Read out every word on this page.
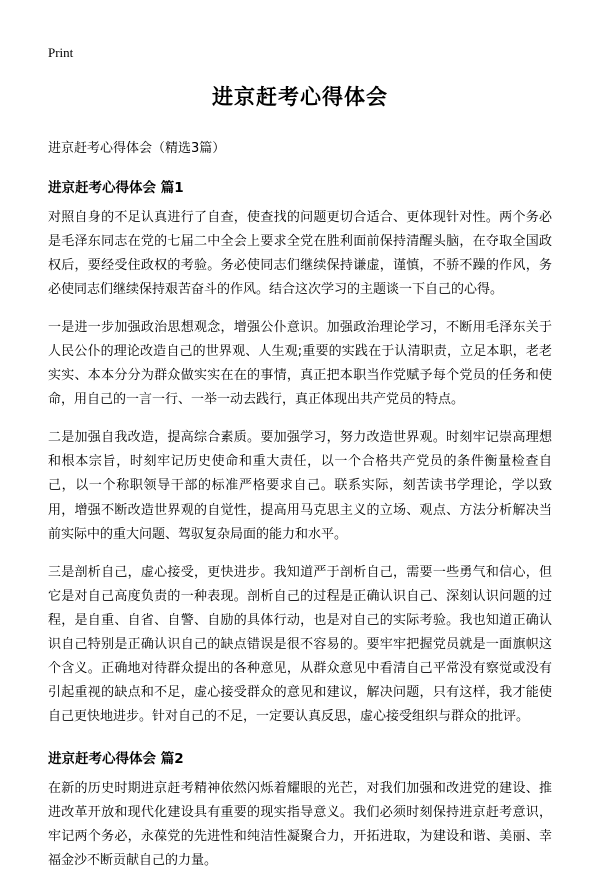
Print
进京赶考心得体会
进京赶考心得体会（精选3篇）
进京赶考心得体会 篇1

对照自身的不足认真进行了自查，使查找的问题更切合适合、更体现针对性。两个务必是毛泽东同志在党的七届二中全会上要求全党在胜利面前保持清醒头脑，在夺取全国政权后，要经受住政权的考验。务必使同志们继续保持谦虚，谨慎，不骄不躁的作风，务必使同志们继续保持艰苦奋斗的作风。结合这次学习的主题谈一下自己的心得。

一是进一步加强政治思想观念，增强公仆意识。加强政治理论学习，不断用毛泽东关于人民公仆的理论改造自己的世界观、人生观;重要的实践在于认清职责，立足本职，老老实实、本本分分为群众做实实在在的事情，真正把本职当作党赋予每个党员的任务和使命，用自己的一言一行、一举一动去践行，真正体现出共产党员的特点。

二是加强自我改造，提高综合素质。要加强学习，努力改造世界观。时刻牢记崇高理想和根本宗旨，时刻牢记历史使命和重大责任，以一个合格共产党员的条件衡量检查自己，以一个称职领导干部的标准严格要求自己。联系实际，刻苦读书学理论，学以致用，增强不断改造世界观的自觉性，提高用马克思主义的立场、观点、方法分析解决当前实际中的重大问题、驾驭复杂局面的能力和水平。

三是剖析自己，虚心接受，更快进步。我知道严于剖析自己，需要一些勇气和信心，但它是对自己高度负责的一种表现。剖析自己的过程是正确认识自己、深刻认识问题的过程，是自重、自省、自警、自励的具体行动，也是对自己的实际考验。我也知道正确认识自己特别是正确认识自己的缺点错误是很不容易的。要牢牢把握党员就是一面旗帜这个含义。正确地对待群众提出的各种意见，从群众意见中看清自己平常没有察觉或没有引起重视的缺点和不足，虚心接受群众的意见和建议，解决问题，只有这样，我才能使自己更快地进步。针对自己的不足，一定要认真反思，虚心接受组织与群众的批评。

进京赶考心得体会 篇2

在新的历史时期进京赶考精神依然闪烁着耀眼的光芒，对我们加强和改进党的建设、推进改革开放和现代化建设具有重要的现实指导意义。我们必须时刻保持进京赶考意识，牢记两个务必，永葆党的先进性和纯洁性凝聚合力，开拓进取，为建设和谐、美丽、幸福金沙不断贡献自己的力量。
